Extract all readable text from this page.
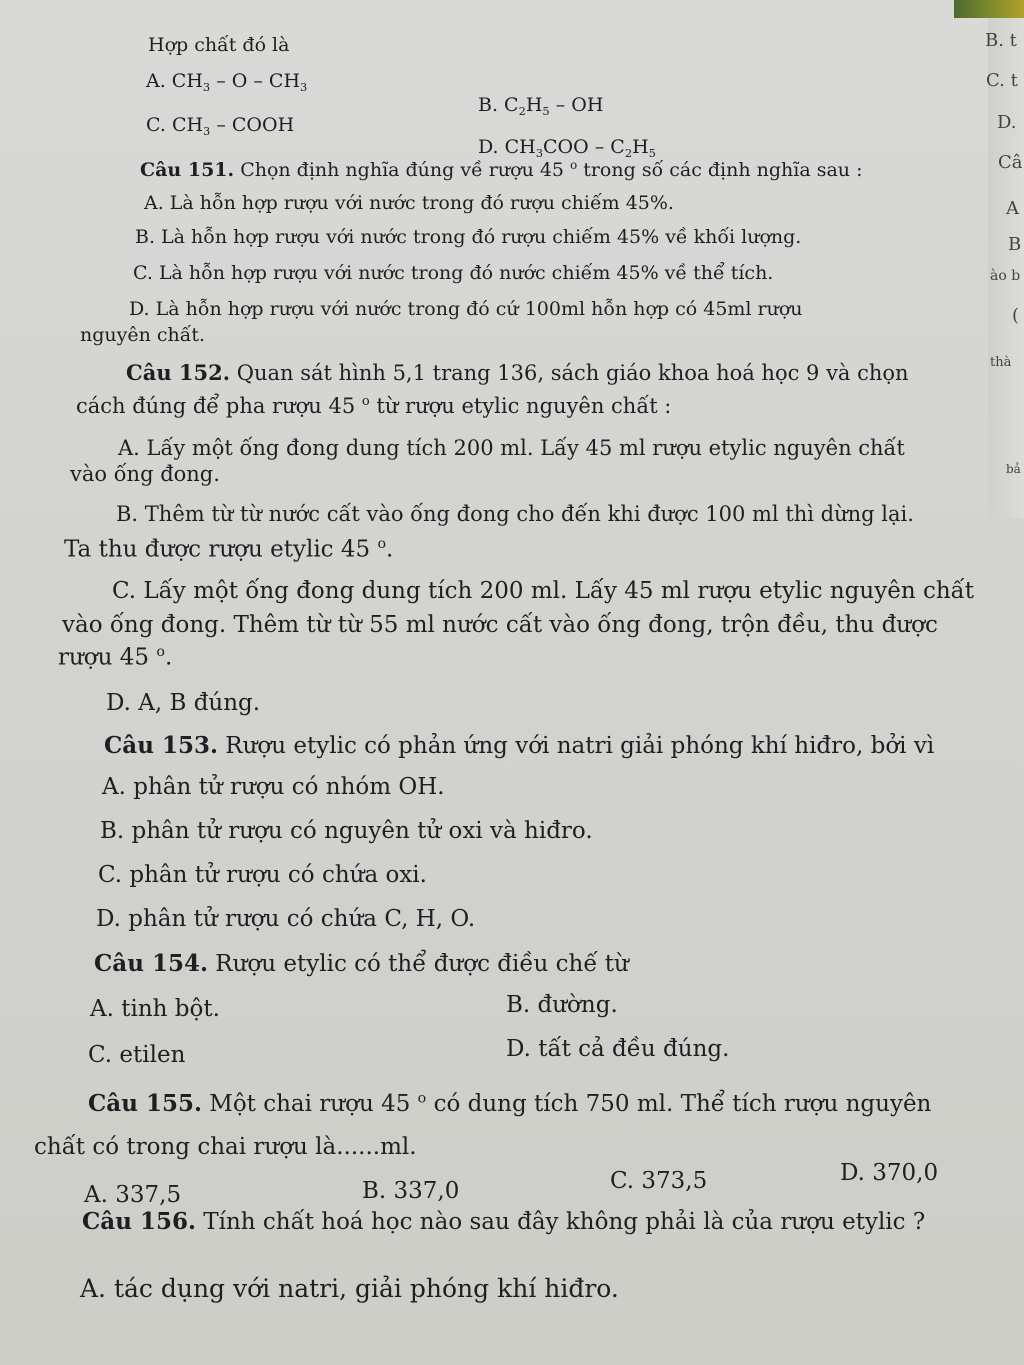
B. t
C. t
D.
Câ
A
B
ào b
(
thà
bả
Hợp chất đó là
A. $CH_3$ – O – $CH_3$
B. $C_2H_5$ – OH
C. $CH_3$ – COOH
D. $CH_3COO - C_2H_5$
Câu 151. Chọn định nghĩa đúng về rượu 45 $^o$ trong số các định nghĩa sau :
A. Là hỗn hợp rượu với nước trong đó rượu chiếm 45%.
B. Là hỗn hợp rượu với nước trong đó rượu chiếm 45% về khối lượng.
C. Là hỗn hợp rượu với nước trong đó nước chiếm 45% về thể tích.
D. Là hỗn hợp rượu với nước trong đó cứ 100ml hỗn hợp có 45ml rượu
nguyên chất.
Câu 152. Quan sát hình 5,1 trang 136, sách giáo khoa hoá học 9 và chọn
cách đúng để pha rượu 45 $^o$ từ rượu etylic nguyên chất :
A. Lấy một ống đong dung tích 200 ml. Lấy 45 ml rượu etylic nguyên chất
vào ống đong.
B. Thêm từ từ nước cất vào ống đong cho đến khi được 100 ml thì dừng lại.
Ta thu được rượu etylic 45 $^o$.
C. Lấy một ống đong dung tích 200 ml. Lấy 45 ml rượu etylic nguyên chất
vào ống đong. Thêm từ từ 55 ml nước cất vào ống đong, trộn đều, thu được
rượu 45 $^o$.
D. A, B đúng.
Câu 153. Rượu etylic có phản ứng với natri giải phóng khí hiđro, bởi vì
A. phân tử rượu có nhóm OH.
B. phân tử rượu có nguyên tử oxi và hiđro.
C. phân tử rượu có chứa oxi.
D. phân tử rượu có chứa C, H, O.
Câu 154. Rượu etylic có thể được điều chế từ
A. tinh bột.	B. đường.
C. etilen	D. tất cả đều đúng.
Câu 155. Một chai rượu 45 $^o$ có dung tích 750 ml. Thể tích rượu nguyên
chất có trong chai rượu là......ml.
A. 337,5	B. 337,0	C. 373,5	D. 370,0
Câu 156. Tính chất hoá học nào sau đây không phải là của rượu etylic ?
A. tác dụng với natri, giải phóng khí hiđro.
